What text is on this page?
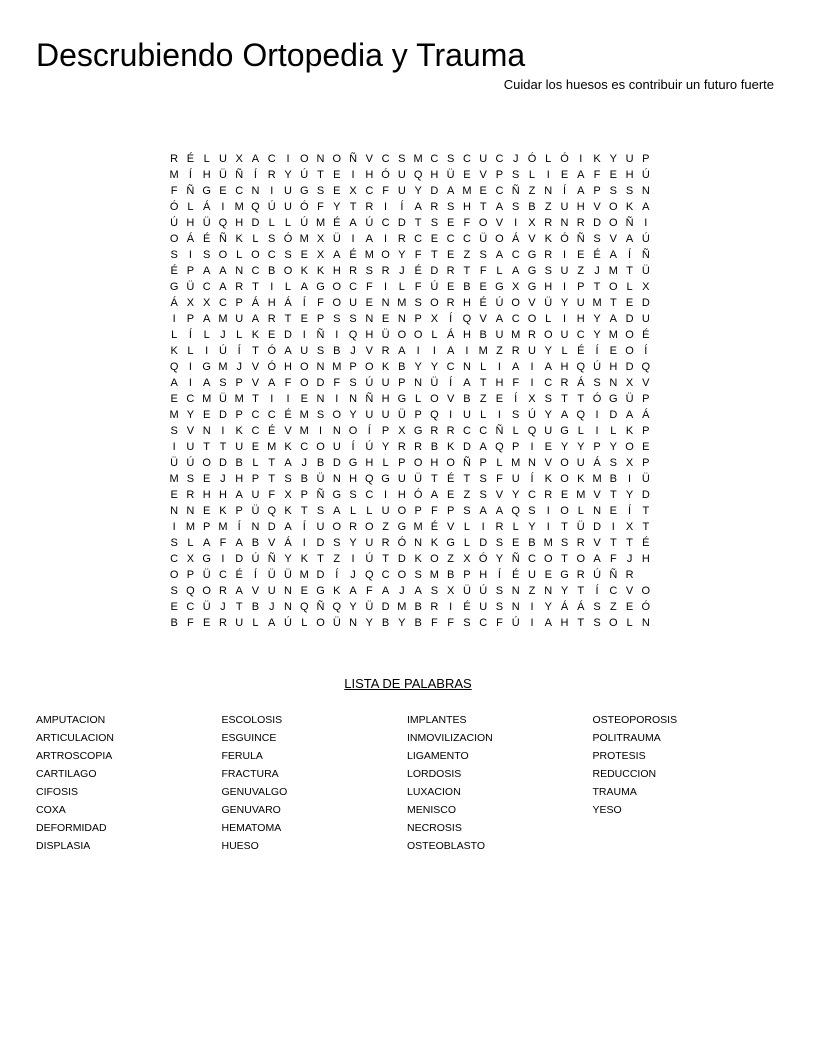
Descrubiendo Ortopedia y Trauma
Cuidar los huesos es contribuir un futuro fuerte
R É L U X A C I O N O Ñ V C S M C S C U C J Ó L Ó I	K Y U P
M Í H Ü Ñ Í R Y Ú T E	I H Ó U Q H Ü E V P S L	I	E A F E H Ú
F Ñ G E C N I U G S E X C F U Y D A M E C Ñ Z N Í	A P S S N
Ó L Á	I M Q Ú U Ó F Y T R I	Í	A R S H T A S B Z U H V O K A
Ú H Ü Q H D L L Ú M É A Ú C D T S E F O V	I	X R N R D O Ñ I
O Á É Ñ K L S Ó M X Ü I	A	I R C E C C Ü O Á V K Ó Ñ S V A Ú
S	I	S O L O C S E X A É M O Y F T E Z S A C G R I	E É A	Í Ñ
É P A A N C B O K K H R S R J É D R T F L A G S U Z J M T Ü
G Ü C A R T	I	L A G O C F	I	L F Ú E B E G X G H I	P T O L X
Á X X C P Á H Á	Í	F O U E N M S O R H É Ú O V Ü Y U M T E D
I	P A M U A R T E P S S N E N P X	Í Q V A C O L	I H Y A D U
L	Í	L J L K E D I Ñ I Q H Ü O O L Á H B U M R O U C Y M O É
K L	I Ú Í	T Ó A U S B J V R A	I	I	A	I M Z R U Y L É	Í	E O Í
Q I G M J V Ó H O N M P O K B Y Y C N L	I	A	I	A H Q Ú H D Q
A	I	A S P V A F O D F S Ú U P N Ü Í	A T H F	I C R Á S N X V
E C M Ü M T	I	I	E N I N Ñ H G L O V B Z E	Í	X S T T Ó G Ü P
M Y E D P C C É M S O Y U U Ü P Q I U L	I	S Ú Y A Q I D A Á
S V N I	K C É V M I N O Í	P X G R R C C Ñ L Q U G L	I	L K P
I U T T U E M K C O U Í Ú Y R R B K D A Q P	I	E Y Y P Y O E
Ü Ú O D B L T A J B D G H L P O H O Ñ P L M N V O U Á S X P
M S E J H P T S B Ü N H Q G U Ü T É T S F U Í	K O K M B	I Ü
E R H H A U F X P Ñ G S C I H Ó A E Z S V Y C R E M V T Y D
N N E K P Ü Q K T S A L L U O P F P S A A Q S	I O L N E	Í	T
I M P M Í N D A	Í U O R O Z G M É V L	I R L Y	I	T Ü D I	X T
S L A F A B V Á	I D S Y U R Ó N K G L D S E B M S R V T T É
C X G I D Ú Ñ Y K T Z	I Ú T D K O Z X Ó Y Ñ C O T O A F J H
O P Ü C É	Í Ü Ü M D Í	J Q C O S M B P H Í	É U E G R Ú Ñ R
S Q O R A V U N E G K A F A J A S X Ü Ú S N Z N Y T	Í C V O
E C Ü J T B J N Q Ñ Q Y Ü D M B R I	É U S N I	Y Á Á S Z E Ó
B F E R U L A Ú L O Ü N Y B Y B F F S C F Ú I	A H T S O L N
LISTA DE PALABRAS
AMPUTACION
ARTICULACION
ARTROSCOPIA
CARTILAGO
CIFOSIS
COXA
DEFORMIDAD
DISPLASIA
ESCOLOSIS
ESGUINCE
FERULA
FRACTURA
GENUVALGO
GENUVARO
HEMATOMA
HUESO
IMPLANTES
INMOVILIZACION
LIGAMENTO
LORDOSIS
LUXACION
MENISCO
NECROSIS
OSTEOBLASTO
OSTEOPOROSIS
POLITRAUMA
PROTESIS
REDUCCION
TRAUMA
YESO
